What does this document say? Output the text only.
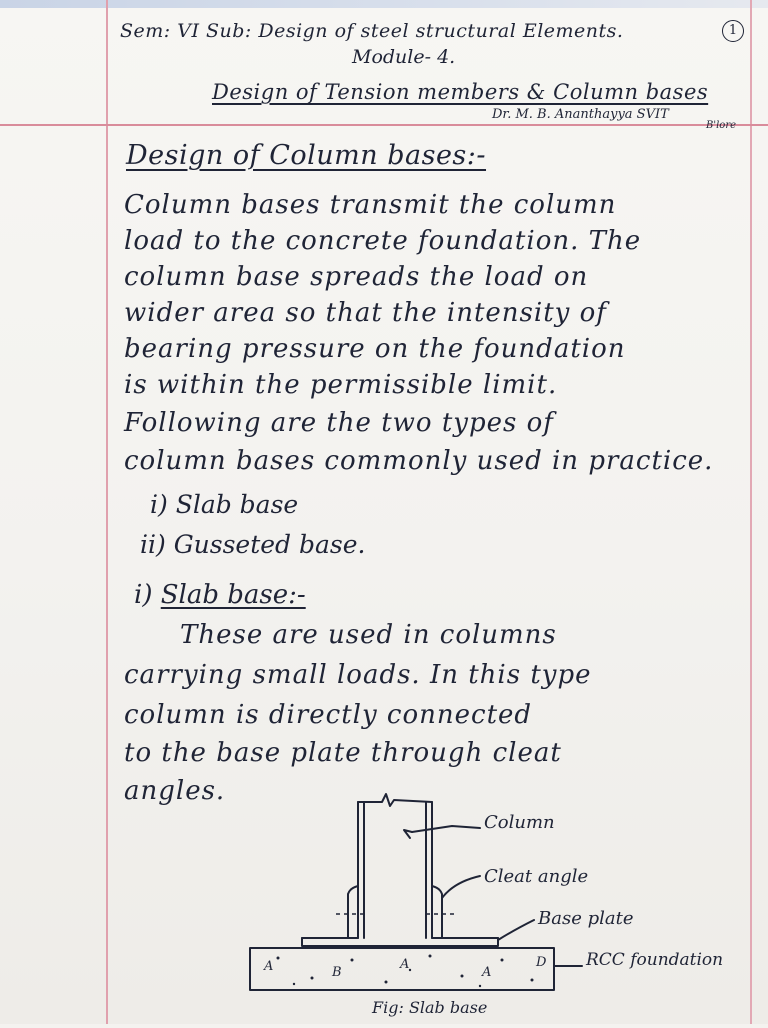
Sem: VI Sub: Design of steel structural Elements.	1
Module- 4.
Design of Tension members & Column bases
Dr. M. B. Ananthayya SVIT
B'lore
Design of Column bases:-
Column bases transmit the column
load to the concrete foundation. The
column base spreads the load on
wider area so that the intensity of
bearing pressure on the foundation
is within the permissible limit.
Following are the two types of
column bases commonly used in practice.
i) Slab base
ii) Gusseted base.
i) Slab base:-
These are used in columns
carrying small loads. In this type
column is directly connected
to the base plate through cleat
angles.
A	B
A
A
D
Column
Cleat angle
Base plate
RCC foundation
Fig: Slab base
